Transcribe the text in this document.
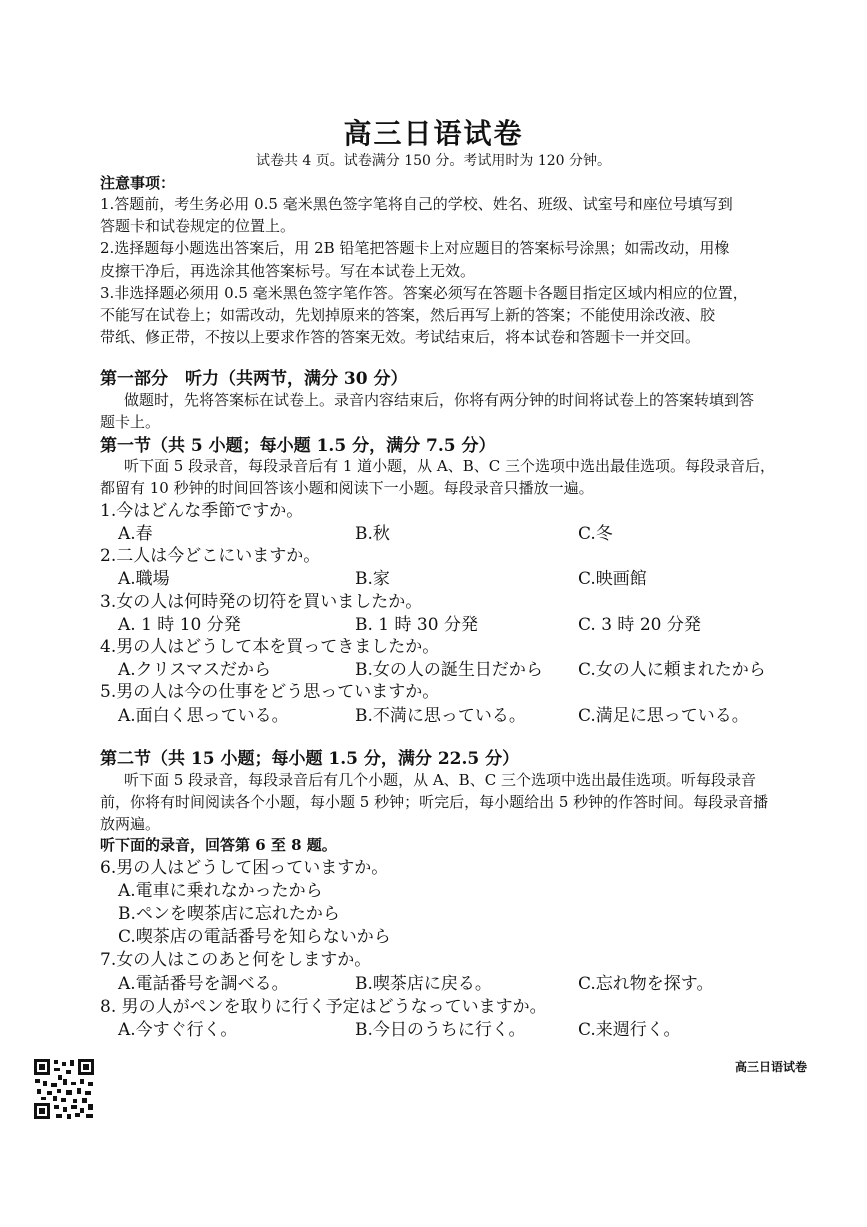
高三日语试卷
试卷共 4 页。试卷满分 150 分。考试用时为 120 分钟。
注意事项：
1.答题前，考生务必用 0.5 毫米黑色签字笔将自己的学校、姓名、班级、试室号和座位号填写到
答题卡和试卷规定的位置上。
2.选择题每小题选出答案后，用 2B 铅笔把答题卡上对应题目的答案标号涂黑；如需改动，用橡
皮擦干净后，再选涂其他答案标号。写在本试卷上无效。
3.非选择题必须用 0.5 毫米黑色签字笔作答。答案必须写在答题卡各题目指定区域内相应的位置，
不能写在试卷上；如需改动，先划掉原来的答案，然后再写上新的答案；不能使用涂改液、胶
带纸、修正带，不按以上要求作答的答案无效。考试结束后，将本试卷和答题卡一并交回。
第一部分　听力（共两节，满分 30 分）
做题时，先将答案标在试卷上。录音内容结束后，你将有两分钟的时间将试卷上的答案转填到答
题卡上。
第一节（共 5 小题；每小题 1.5 分，满分 7.5 分）
听下面 5 段录音，每段录音后有 1 道小题，从 A、B、C 三个选项中选出最佳选项。每段录音后，
都留有 10 秒钟的时间回答该小题和阅读下一小题。每段录音只播放一遍。
1.今はどんな季節ですか。
A.春	B.秋	C.冬
2.二人は今どこにいますか。
A.職場	B.家	C.映画館
3.女の人は何時発の切符を買いましたか。
A. 1 時 10 分発	B. 1 時 30 分発	C. 3 時 20 分発
4.男の人はどうして本を買ってきましたか。
A.クリスマスだから	B.女の人の誕生日だから C.女の人に頼まれたから
5.男の人は今の仕事をどう思っていますか。
A.面白く思っている。	B.不満に思っている。	C.満足に思っている。
第二节（共 15 小题；每小题 1.5 分，满分 22.5 分）
听下面 5 段录音，每段录音后有几个小题，从 A、B、C 三个选项中选出最佳选项。听每段录音
前，你将有时间阅读各个小题，每小题 5 秒钟；听完后，每小题给出 5 秒钟的作答时间。每段录音播
放两遍。
听下面的录音，回答第 6 至 8 题。
6.男の人はどうして困っていますか。
A.電車に乗れなかったから
B.ペンを喫茶店に忘れたから
C.喫茶店の電話番号を知らないから
7.女の人はこのあと何をしますか。
A.電話番号を調べる。	B.喫茶店に戻る。	C.忘れ物を探す。
8. 男の人がペンを取りに行く予定はどうなっていますか。
A.今すぐ行く。	B.今日のうちに行く。	C.来週行く。
高三日语试卷
